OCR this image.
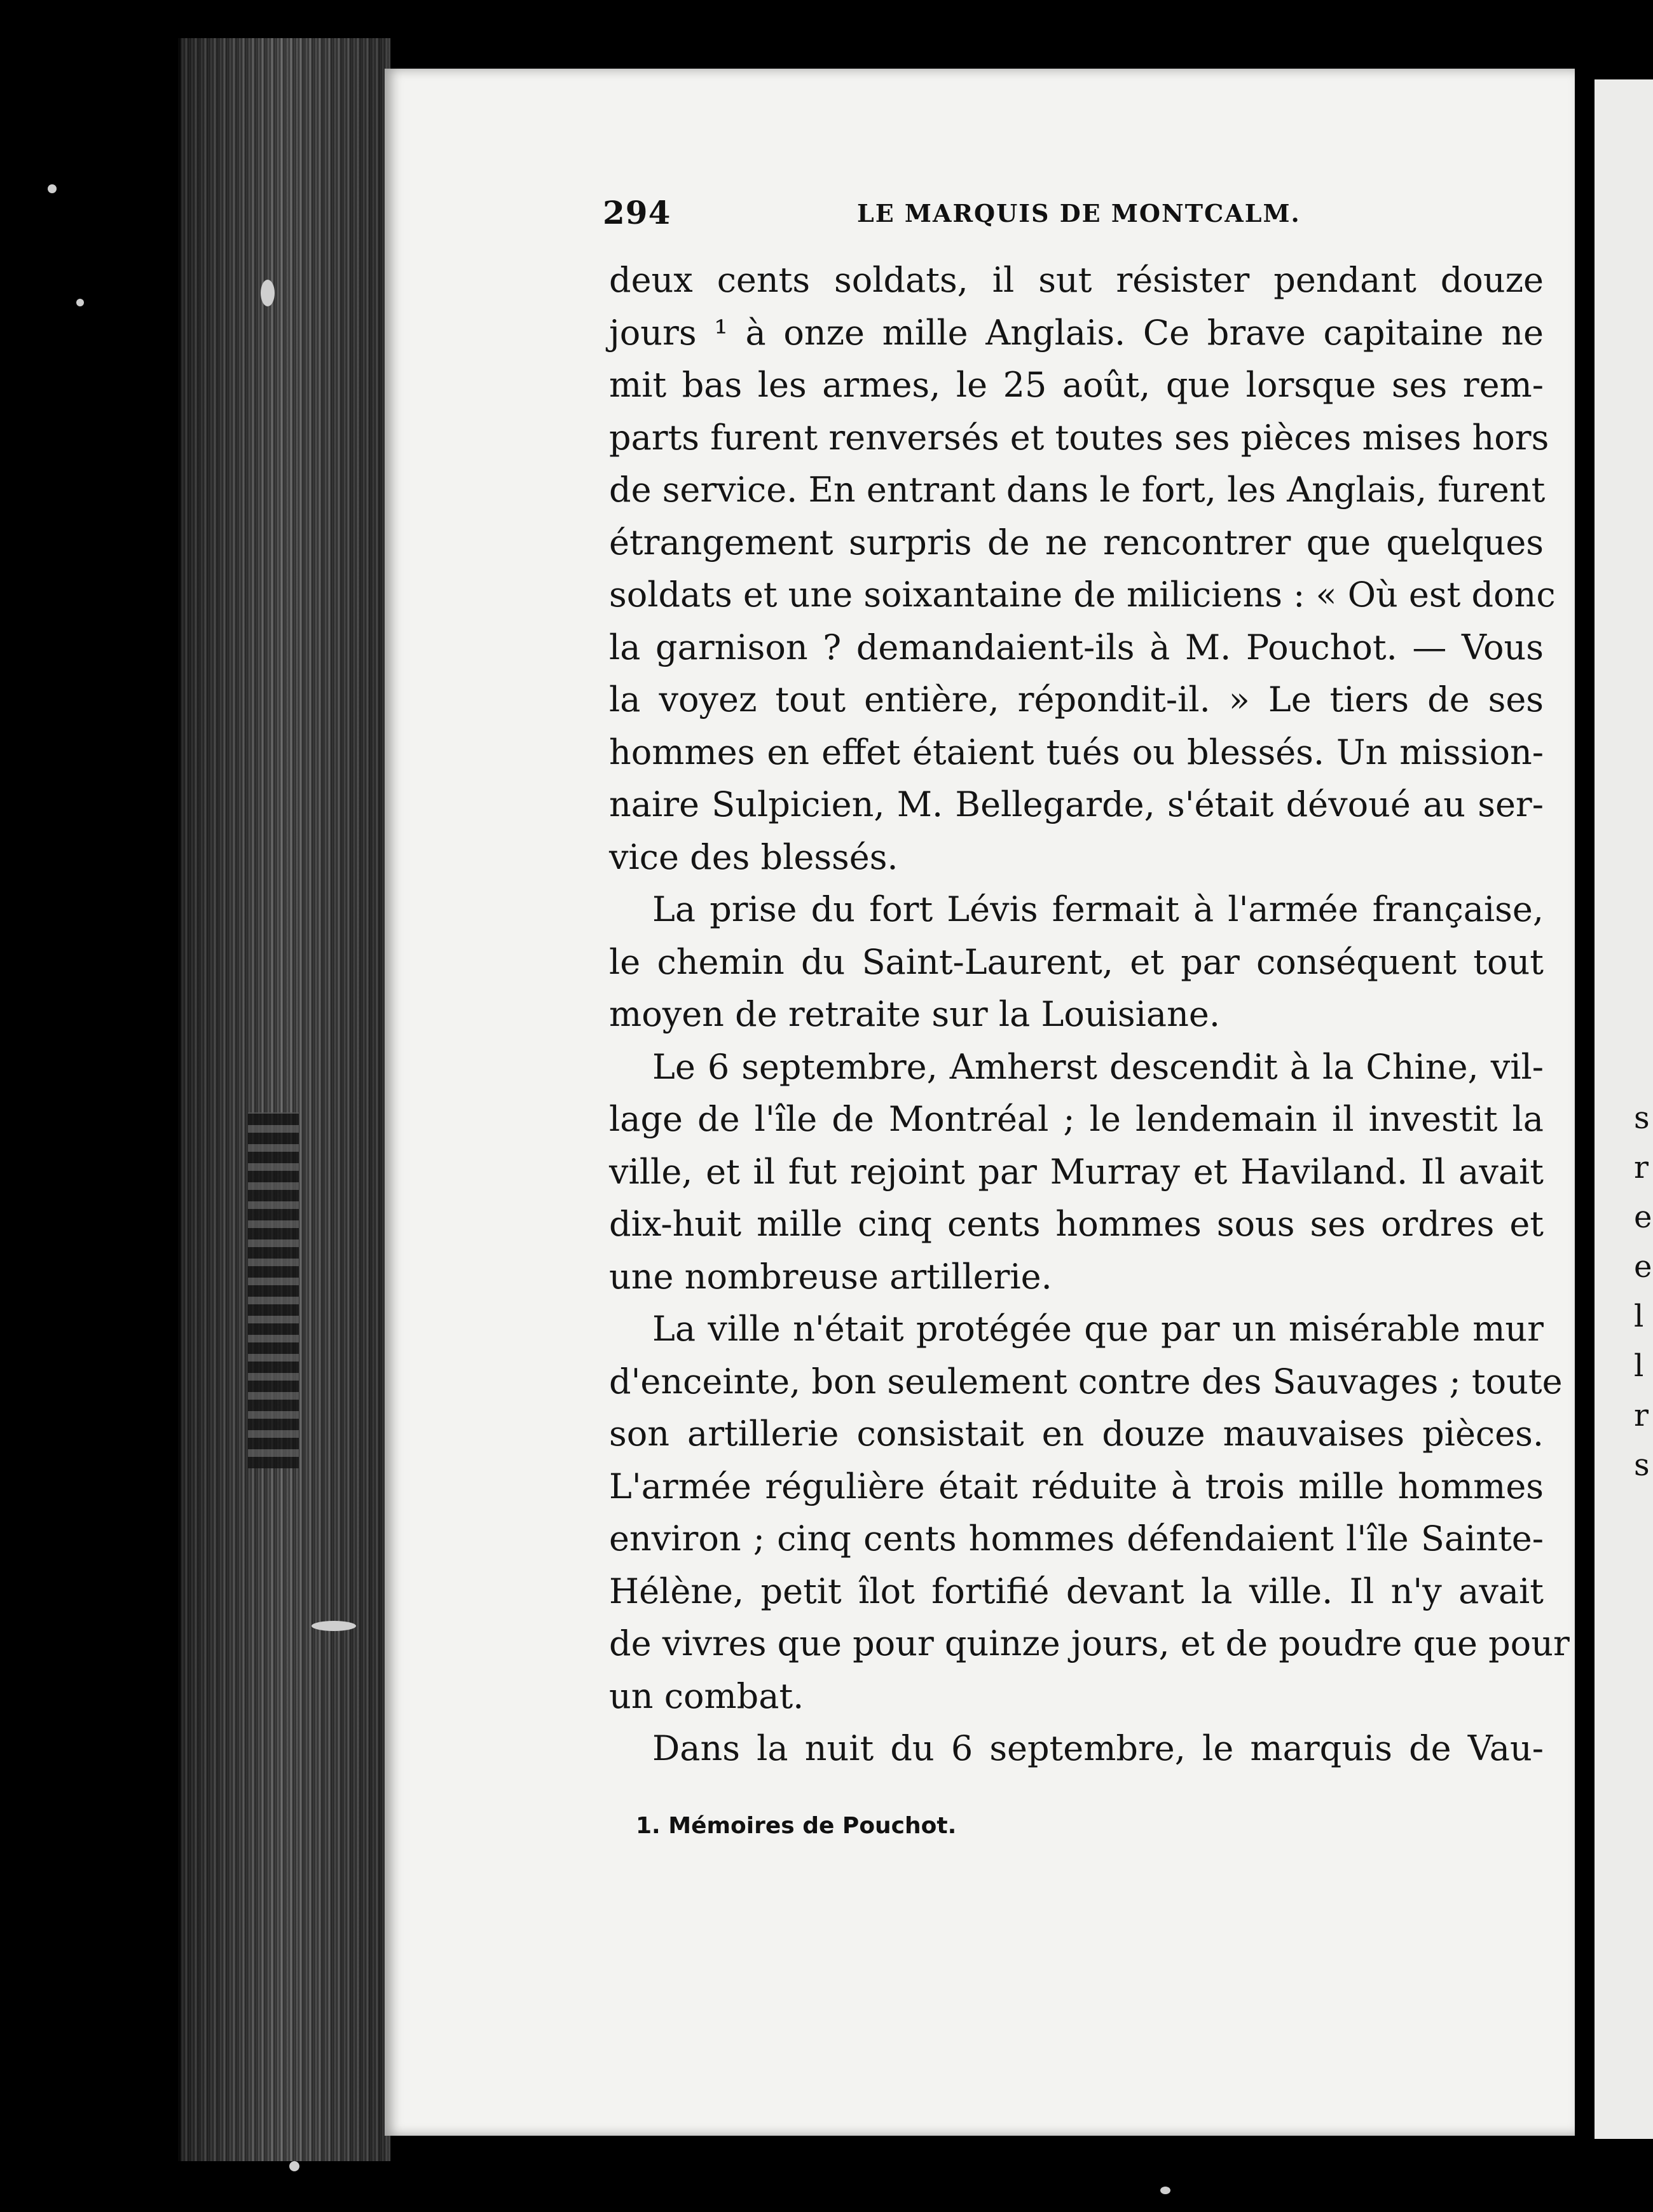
s
r
e
e
l
l
r
s
294	LE MARQUIS DE MONTCALM.
deux cents soldats, il sut résister pendant douze
jours ¹ à onze mille Anglais. Ce brave capitaine ne
mit bas les armes, le 25 août, que lorsque ses rem-
parts furent renversés et toutes ses pièces mises hors
de service. En entrant dans le fort, les Anglais, furent
étrangement surpris de ne rencontrer que quelques
soldats et une soixantaine de miliciens : « Où est donc
la garnison ? demandaient-ils à M. Pouchot. — Vous
la voyez tout entière, répondit-il. » Le tiers de ses
hommes en effet étaient tués ou blessés. Un mission-
naire Sulpicien, M. Bellegarde, s'était dévoué au ser-
vice des blessés.
La prise du fort Lévis fermait à l'armée française,
le chemin du Saint-Laurent, et par conséquent tout
moyen de retraite sur la Louisiane.
Le 6 septembre, Amherst descendit à la Chine, vil-
lage de l'île de Montréal ; le lendemain il investit la
ville, et il fut rejoint par Murray et Haviland. Il avait
dix-huit mille cinq cents hommes sous ses ordres et
une nombreuse artillerie.
La ville n'était protégée que par un misérable mur
d'enceinte, bon seulement contre des Sauvages ; toute
son artillerie consistait en douze mauvaises pièces.
L'armée régulière était réduite à trois mille hommes
environ ; cinq cents hommes défendaient l'île Sainte-
Hélène, petit îlot fortifié devant la ville. Il n'y avait
de vivres que pour quinze jours, et de poudre que pour
un combat.
Dans la nuit du 6 septembre, le marquis de Vau-
1. Mémoires de Pouchot.
